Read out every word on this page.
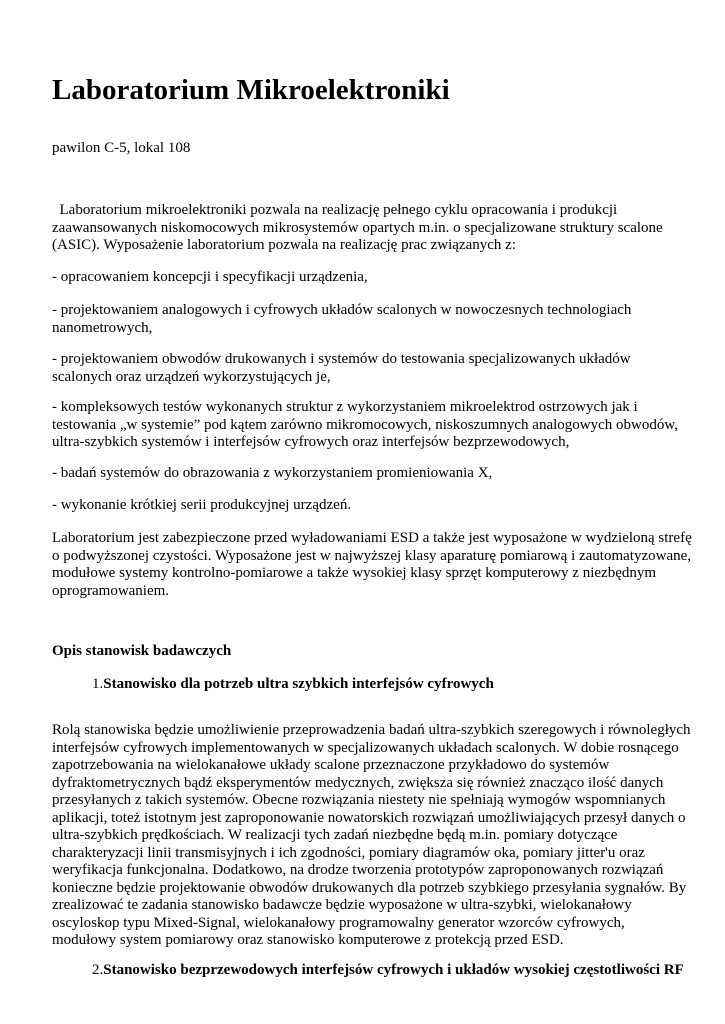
Laboratorium Mikroelektroniki

pawilon C-5, lokal 108

Laboratorium mikroelektroniki pozwala na realizację pełnego cyklu opracowania i produkcji zaawansowanych niskomocowych mikrosystemów opartych m.in. o specjalizowane struktury scalone (ASIC). Wyposażenie laboratorium pozwala na realizację prac związanych z:

- opracowaniem koncepcji i specyfikacji urządzenia,

- projektowaniem analogowych i cyfrowych układów scalonych w nowoczesnych technologiach nanometrowych,

- projektowaniem obwodów drukowanych i systemów do testowania specjalizowanych układów scalonych oraz urządzeń wykorzystujących je,

- kompleksowych testów wykonanych struktur z wykorzystaniem mikroelektrod ostrzowych jak i testowania „w systemie” pod kątem zarówno mikromocowych, niskoszumnych analogowych obwodów, ultra-szybkich systemów i interfejsów cyfrowych oraz interfejsów bezprzewodowych,

- badań systemów do obrazowania z wykorzystaniem promieniowania X,

- wykonanie krótkiej serii produkcyjnej urządzeń.

Laboratorium jest zabezpieczone przed wyładowaniami ESD a także jest wyposażone w wydzieloną strefę o podwyższonej czystości. Wyposażone jest w najwyższej klasy aparaturę pomiarową i zautomatyzowane, modułowe systemy kontrolno-pomiarowe a także wysokiej klasy sprzęt komputerowy z niezbędnym oprogramowaniem.

Opis stanowisk badawczych

1.Stanowisko dla potrzeb ultra szybkich interfejsów cyfrowych

Rolą stanowiska będzie umożliwienie przeprowadzenia badań ultra-szybkich szeregowych i równoległych interfejsów cyfrowych implementowanych w specjalizowanych układach scalonych. W dobie rosnącego zapotrzebowania na wielokanałowe układy scalone przeznaczone przykładowo do systemów dyfraktometrycznych bądź eksperymentów medycznych, zwiększa się również znacząco ilość danych przesyłanych z takich systemów. Obecne rozwiązania niestety nie spełniają wymogów wspomnianych aplikacji, toteż istotnym jest zaproponowanie nowatorskich rozwiązań umożliwiających przesył danych o ultra-szybkich prędkościach. W realizacji tych zadań niezbędne będą m.in. pomiary dotyczące charakteryzacji linii transmisyjnych i ich zgodności, pomiary diagramów oka, pomiary jitter'u oraz weryfikacja funkcjonalna. Dodatkowo, na drodze tworzenia prototypów zaproponowanych rozwiązań konieczne będzie projektowanie obwodów drukowanych dla potrzeb szybkiego przesyłania sygnałów. By zrealizować te zadania stanowisko badawcze będzie wyposażone w ultra-szybki, wielokanałowy oscyloskop typu Mixed-Signal, wielokanałowy programowalny generator wzorców cyfrowych, modułowy system pomiarowy oraz stanowisko komputerowe z protekcją przed ESD.

2.Stanowisko bezprzewodowych interfejsów cyfrowych i układów wysokiej częstotliwości RF
